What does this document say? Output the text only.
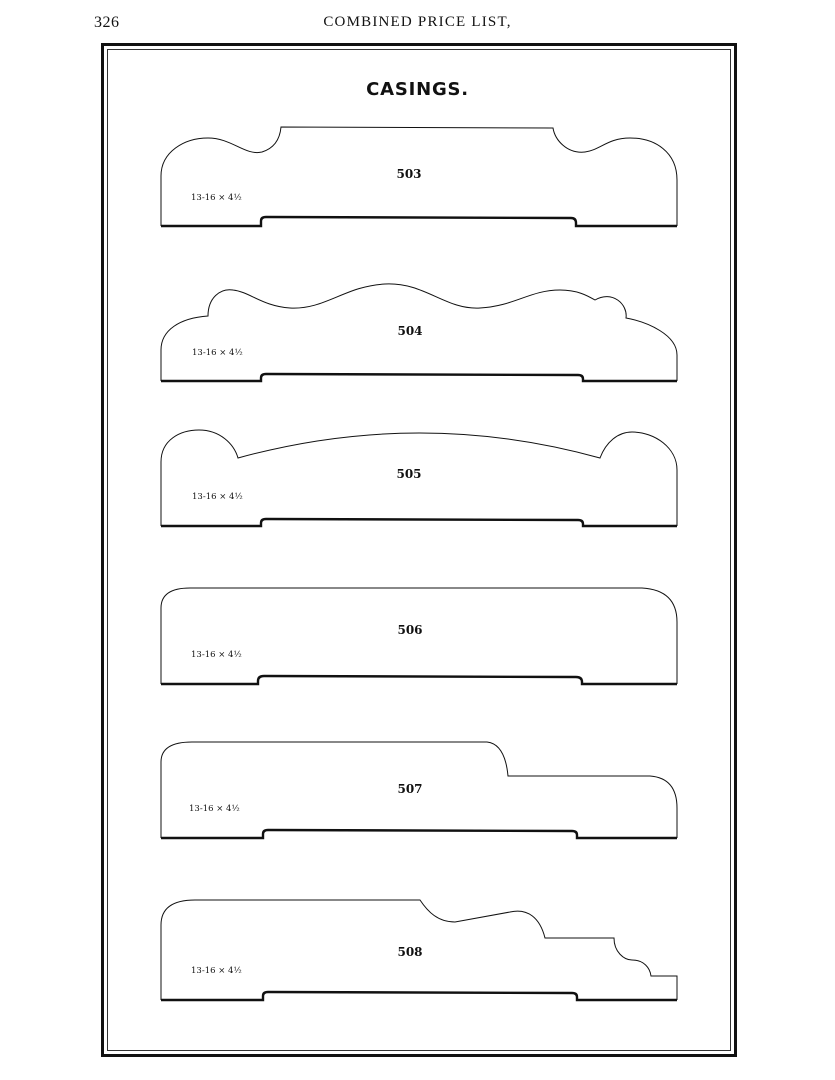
326	COMBINED PRICE LIST,
CASINGS.
503
13-16 × 4½
504
13-16 × 4½
505
13-16 × 4½
506
13-16 × 4½
507
13-16 × 4½
508
13-16 × 4½
